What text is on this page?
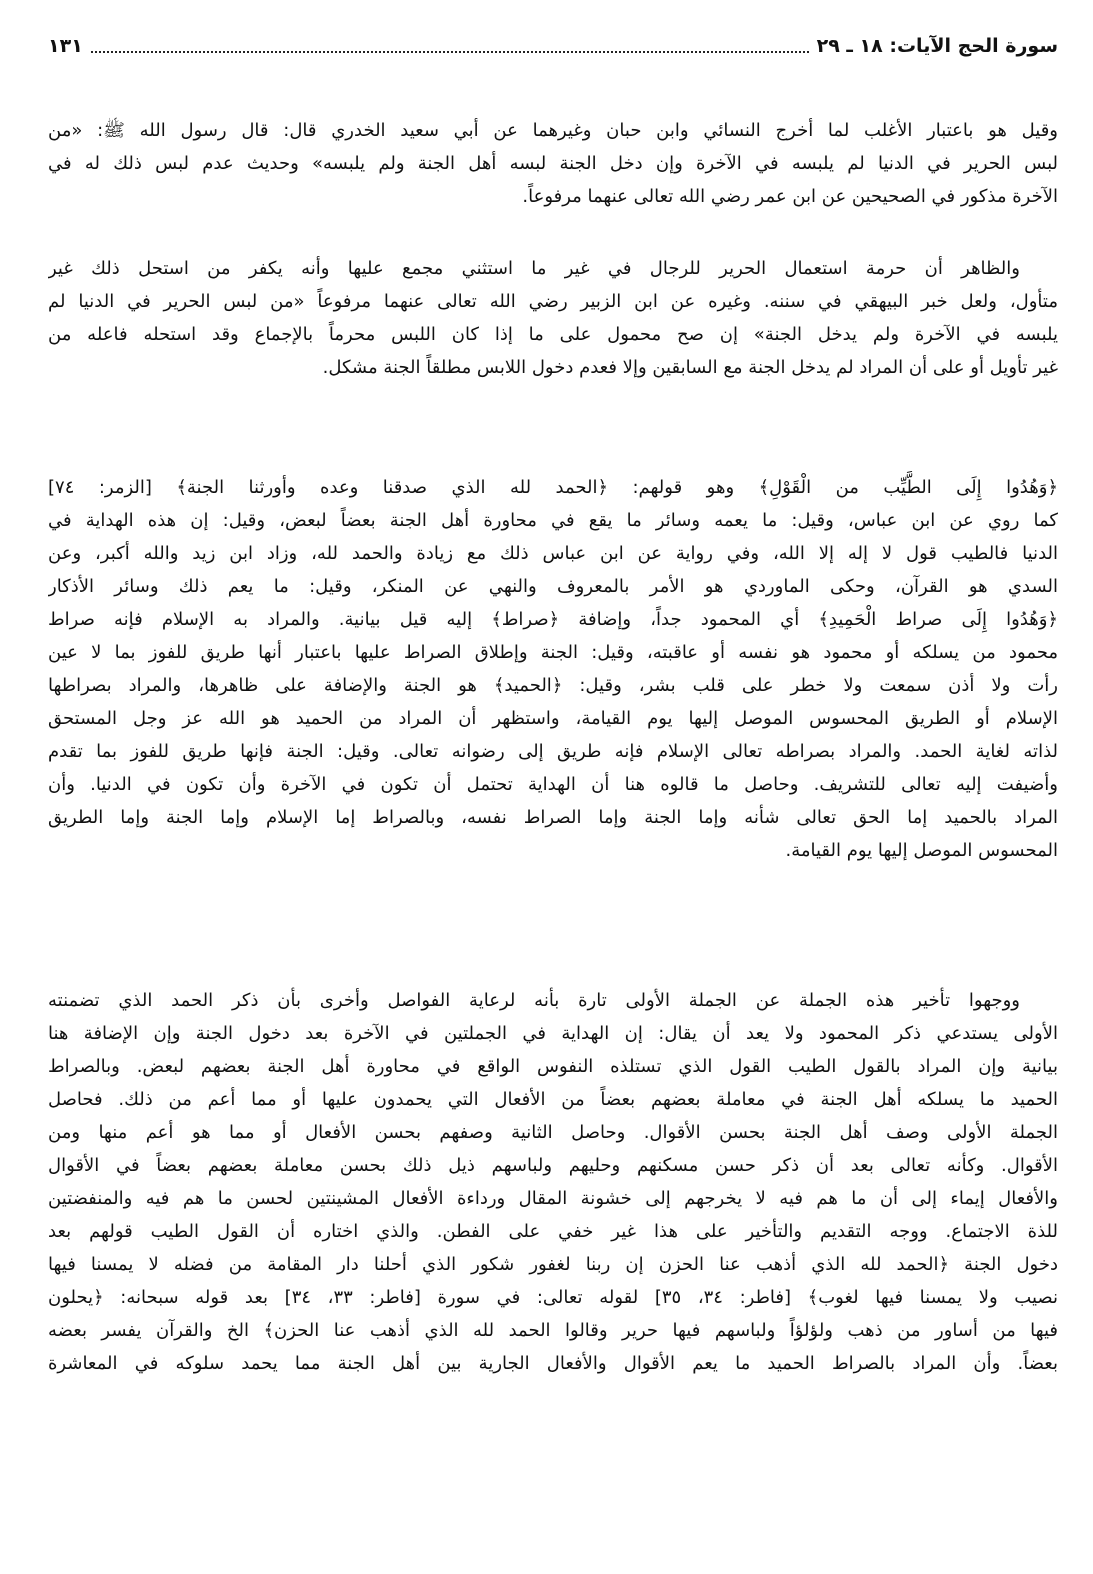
سورة الحج الآيات: ١٨ ـ ٢٩
١٣١
وقيل هو باعتبار الأغلب لما أخرج النسائي وابن حبان وغيرهما عن أبي سعيد الخدري قال: قال رسول الله ﷺ: «من
لبس الحرير في الدنيا لم يلبسه في الآخرة وإن دخل الجنة لبسه أهل الجنة ولم يلبسه» وحديث عدم لبس ذلك له في
الآخرة مذكور في الصحيحين عن ابن عمر رضي الله تعالى عنهما مرفوعاً.
والظاهر أن حرمة استعمال الحرير للرجال في غير ما استثني مجمع عليها وأنه يكفر من استحل ذلك غير
متأول، ولعل خبر البيهقي في سننه. وغيره عن ابن الزبير رضي الله تعالى عنهما مرفوعاً «من لبس الحرير في الدنيا لم
يلبسه في الآخرة ولم يدخل الجنة» إن صح محمول على ما إذا كان اللبس محرماً بالإجماع وقد استحله فاعله من
غير تأويل أو على أن المراد لم يدخل الجنة مع السابقين وإلا فعدم دخول اللابس مطلقاً الجنة مشكل.
﴿وَهُدُوا إِلَى الطَّيِّب من الْقَوْلِ﴾ وهو قولهم: ﴿الحمد لله الذي صدقنا وعده وأورثنا الجنة﴾ [الزمر: ٧٤]
كما روي عن ابن عباس، وقيل: ما يعمه وسائر ما يقع في محاورة أهل الجنة بعضاً لبعض، وقيل: إن هذه الهداية في
الدنيا فالطيب قول لا إله إلا الله، وفي رواية عن ابن عباس ذلك مع زيادة والحمد لله، وزاد ابن زيد والله أكبر، وعن
السدي هو القرآن، وحكى الماوردي هو الأمر بالمعروف والنهي عن المنكر، وقيل: ما يعم ذلك وسائر الأذكار
﴿وَهُدُوا إِلَى صراط الْحَمِيدِ﴾ أي المحمود جداً، وإضافة ﴿صراط﴾ إليه قيل بيانية. والمراد به الإسلام فإنه صراط
محمود من يسلكه أو محمود هو نفسه أو عاقبته، وقيل: الجنة وإطلاق الصراط عليها باعتبار أنها طريق للفوز بما لا عين
رأت ولا أذن سمعت ولا خطر على قلب بشر، وقيل: ﴿الحميد﴾ هو الجنة والإضافة على ظاهرها، والمراد بصراطها
الإسلام أو الطريق المحسوس الموصل إليها يوم القيامة، واستظهر أن المراد من الحميد هو الله عز وجل المستحق
لذاته لغاية الحمد. والمراد بصراطه تعالى الإسلام فإنه طريق إلى رضوانه تعالى. وقيل: الجنة فإنها طريق للفوز بما تقدم
وأضيفت إليه تعالى للتشريف. وحاصل ما قالوه هنا أن الهداية تحتمل أن تكون في الآخرة وأن تكون في الدنيا. وأن
المراد بالحميد إما الحق تعالى شأنه وإما الجنة وإما الصراط نفسه، وبالصراط إما الإسلام وإما الجنة وإما الطريق
المحسوس الموصل إليها يوم القيامة.
ووجهوا تأخير هذه الجملة عن الجملة الأولى تارة بأنه لرعاية الفواصل وأخرى بأن ذكر الحمد الذي تضمنته
الأولى يستدعي ذكر المحمود ولا يعد أن يقال: إن الهداية في الجملتين في الآخرة بعد دخول الجنة وإن الإضافة هنا
بيانية وإن المراد بالقول الطيب القول الذي تستلذه النفوس الواقع في محاورة أهل الجنة بعضهم لبعض. وبالصراط
الحميد ما يسلكه أهل الجنة في معاملة بعضهم بعضاً من الأفعال التي يحمدون عليها أو مما أعم من ذلك. فحاصل
الجملة الأولى وصف أهل الجنة بحسن الأقوال. وحاصل الثانية وصفهم بحسن الأفعال أو مما هو أعم منها ومن
الأقوال. وكأنه تعالى بعد أن ذكر حسن مسكنهم وحليهم ولباسهم ذيل ذلك بحسن معاملة بعضهم بعضاً في الأقوال
والأفعال إيماء إلى أن ما هم فيه لا يخرجهم إلى خشونة المقال ورداءة الأفعال المشينتين لحسن ما هم فيه والمنفضتين
للذة الاجتماع. ووجه التقديم والتأخير على هذا غير خفي على الفطن. والذي اختاره أن القول الطيب قولهم بعد
دخول الجنة ﴿الحمد لله الذي أذهب عنا الحزن إن ربنا لغفور شكور الذي أحلنا دار المقامة من فضله لا يمسنا فيها
نصيب ولا يمسنا فيها لغوب﴾ [فاطر: ٣٤، ٣٥] لقوله تعالى: في سورة [فاطر: ٣٣، ٣٤] بعد قوله سبحانه: ﴿يحلون
فيها من أساور من ذهب ولؤلؤاً ولباسهم فيها حرير وقالوا الحمد لله الذي أذهب عنا الحزن﴾ الخ والقرآن يفسر بعضه
بعضاً. وأن المراد بالصراط الحميد ما يعم الأقوال والأفعال الجارية بين أهل الجنة مما يحمد سلوكه في المعاشرة
